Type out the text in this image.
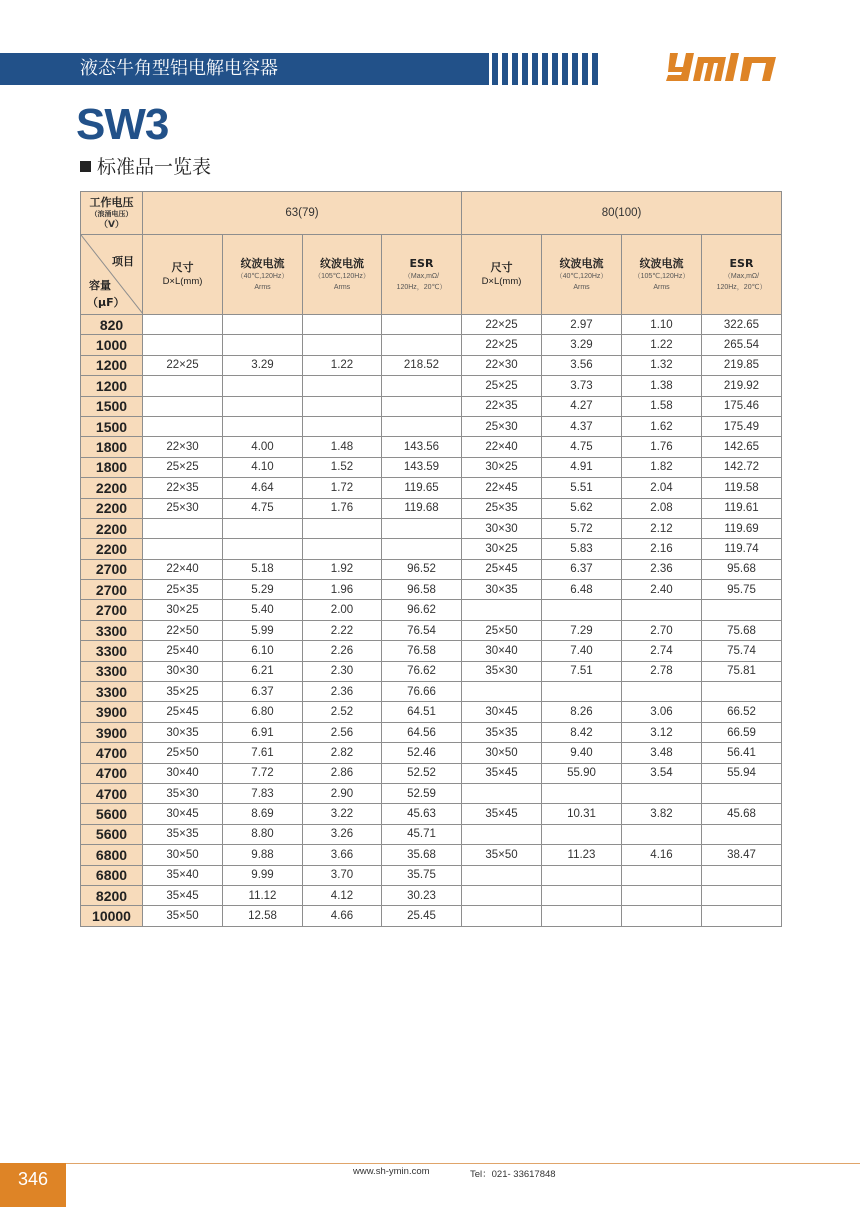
液态牛角型铝电解电容器
SW3
标准品一览表
工作电压
（浪涌电压）
（V）	63(79)				80(100)			

项目
容量
（μF）	尺寸
D×L(mm)	纹波电流
（40℃,120Hz）
Arms	纹波电流
（105℃,120Hz）
Arms	ESR
（Max,mΩ/
120Hz，20℃）	尺寸
D×L(mm)	纹波电流
（40℃,120Hz）
Arms	纹波电流
（105℃,120Hz）
Arms	ESR
（Max,mΩ/
120Hz，20℃）

820					22×25	2.97	1.10	322.65
1000					22×25	3.29	1.22	265.54
1200	22×25	3.29	1.22	218.52	22×30	3.56	1.32	219.85
1200					25×25	3.73	1.38	219.92
1500					22×35	4.27	1.58	175.46
1500					25×30	4.37	1.62	175.49
1800	22×30	4.00	1.48	143.56	22×40	4.75	1.76	142.65
1800	25×25	4.10	1.52	143.59	30×25	4.91	1.82	142.72
2200	22×35	4.64	1.72	119.65	22×45	5.51	2.04	119.58
2200	25×30	4.75	1.76	119.68	25×35	5.62	2.08	119.61
2200					30×30	5.72	2.12	119.69
2200					30×25	5.83	2.16	119.74
2700	22×40	5.18	1.92	96.52	25×45	6.37	2.36	95.68
2700	25×35	5.29	1.96	96.58	30×35	6.48	2.40	95.75
2700	30×25	5.40	2.00	96.62				
3300	22×50	5.99	2.22	76.54	25×50	7.29	2.70	75.68
3300	25×40	6.10	2.26	76.58	30×40	7.40	2.74	75.74
3300	30×30	6.21	2.30	76.62	35×30	7.51	2.78	75.81
3300	35×25	6.37	2.36	76.66				
3900	25×45	6.80	2.52	64.51	30×45	8.26	3.06	66.52
3900	30×35	6.91	2.56	64.56	35×35	8.42	3.12	66.59
4700	25×50	7.61	2.82	52.46	30×50	9.40	3.48	56.41
4700	30×40	7.72	2.86	52.52	35×45	55.90	3.54	55.94
4700	35×30	7.83	2.90	52.59				
5600	30×45	8.69	3.22	45.63	35×45	10.31	3.82	45.68
5600	35×35	8.80	3.26	45.71				
6800	30×50	9.88	3.66	35.68	35×50	11.23	4.16	38.47
6800	35×40	9.99	3.70	35.75				
8200	35×45	11.12	4.12	30.23				
10000	35×50	12.58	4.66	25.45				
346	www.sh-ymin.com	Tel：021- 33617848
